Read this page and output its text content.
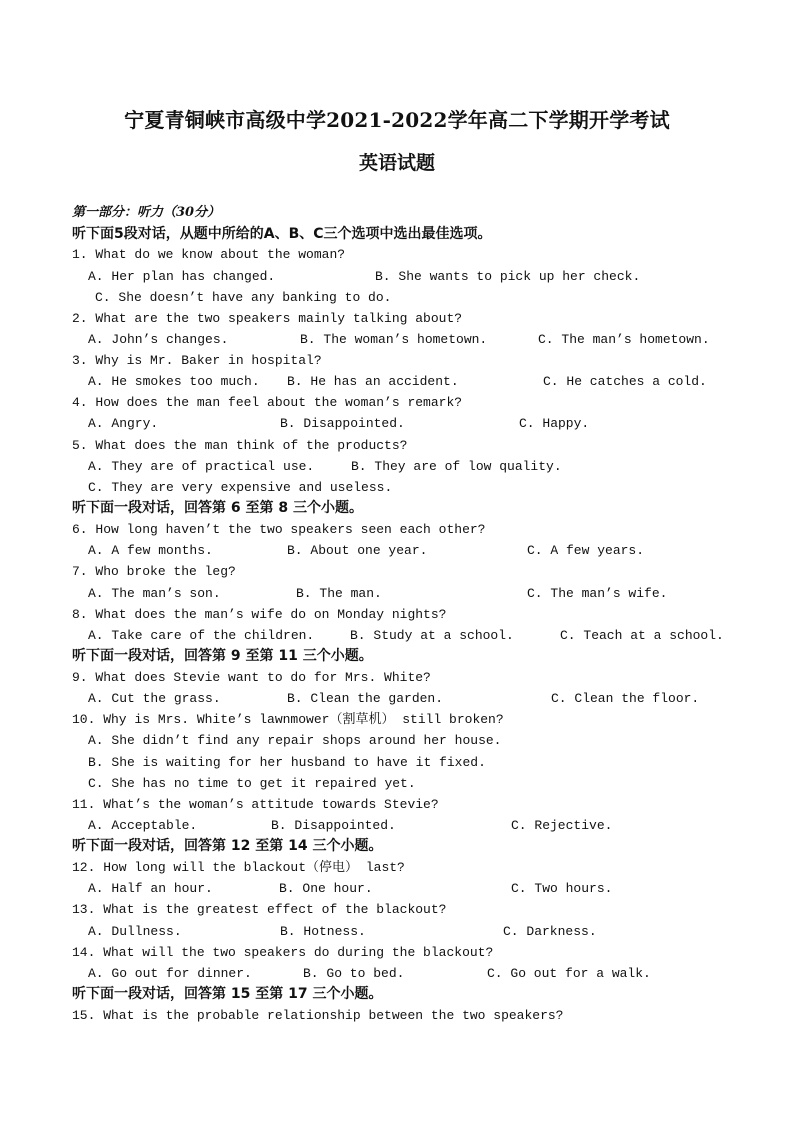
宁夏青铜峡市高级中学2021-2022学年高二下学期开学考试
英语试题
第一部分：听力（30分）
听下面5段对话，从题中所给的A、B、C三个选项中选出最佳选项。
1. What do we know about the woman?
A. Her plan has changed.	B. She wants to pick up her check.
C. She doesn’t have any banking to do.
2. What are the two speakers mainly talking about?
A. John’s changes.	B. The woman’s hometown.	C. The man’s hometown.
3. Why is Mr. Baker in hospital?
A. He smokes too much. B. He has an accident.	C. He catches a cold.
4. How does the man feel about the woman’s remark?
A. Angry.	B. Disappointed.	C. Happy.
5. What does the man think of the products?
A. They are of practical use.	B. They are of low quality.
C. They are very expensive and useless.
听下面一段对话，回答第 6 至第 8 三个小题。
6. How long haven’t the two speakers seen each other?
A. A few months.	B. About one year.	C. A few years.
7. Who broke the leg?
A. The man’s son.	B. The man.	C. The man’s wife.
8. What does the man’s wife do on Monday nights?
A. Take care of the children.	B. Study at a school.	C. Teach at a school.
听下面一段对话，回答第 9 至第 11 三个小题。
9. What does Stevie want to do for Mrs. White?
A. Cut the grass.	B. Clean the garden.	C. Clean the floor.
10. Why is Mrs. White’s lawnmower（割草机） still broken?
A. She didn’t find any repair shops around her house.
B. She is waiting for her husband to have it fixed.
C. She has no time to get it repaired yet.
11. What’s the woman’s attitude towards Stevie?
A. Acceptable.	B. Disappointed.	C. Rejective.
听下面一段对话，回答第 12 至第 14 三个小题。
12. How long will the blackout（停电） last?
A. Half an hour.	B. One hour.	C. Two hours.
13. What is the greatest effect of the blackout?
A. Dullness.	B. Hotness.	C. Darkness.
14. What will the two speakers do during the blackout?
A. Go out for dinner.	B. Go to bed.	C. Go out for a walk.
听下面一段对话，回答第 15 至第 17 三个小题。
15. What is the probable relationship between the two speakers?
